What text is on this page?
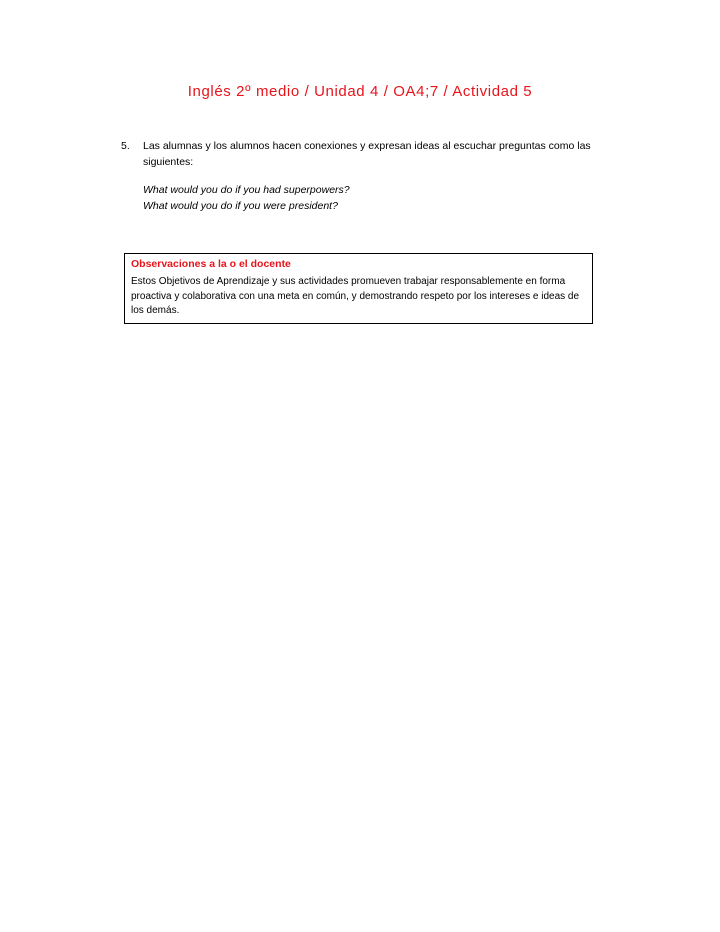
Inglés 2º medio / Unidad 4 / OA4;7 / Actividad 5
5. Las alumnas y los alumnos hacen conexiones y expresan ideas al escuchar preguntas como las siguientes:
What would you do if you had superpowers?
What would you do if you were president?

Observaciones a la o el docente

Estos Objetivos de Aprendizaje y sus actividades promueven trabajar responsablemente en forma proactiva y colaborativa con una meta en común, y demostrando respeto por los intereses e ideas de los demás.
